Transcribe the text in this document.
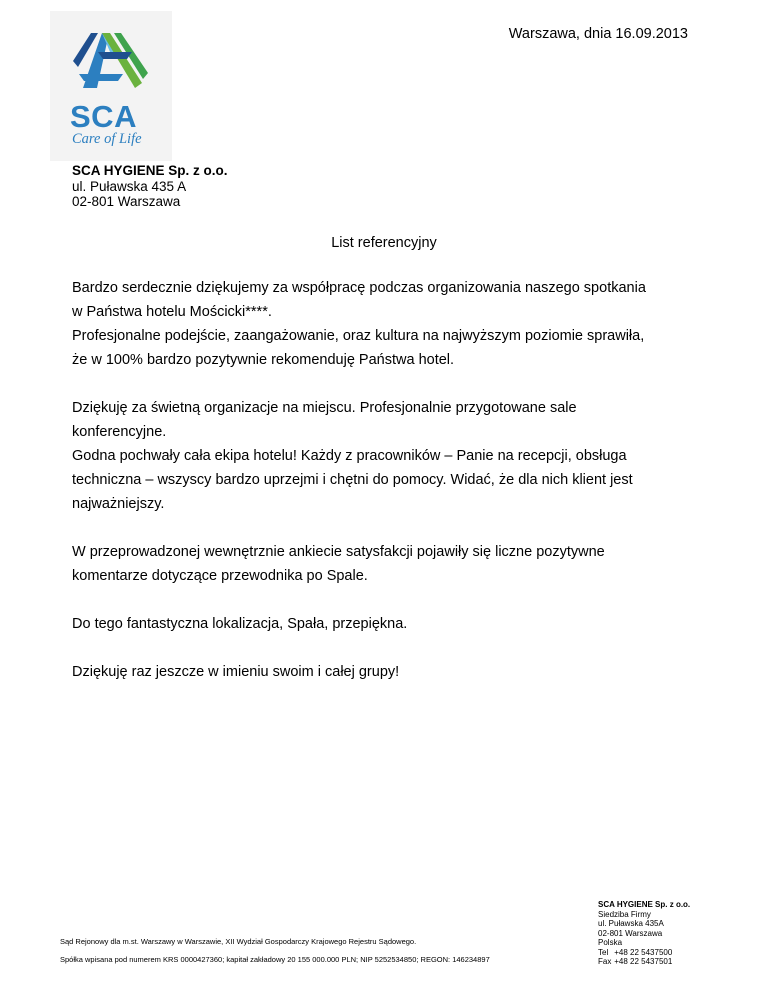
SCA
Care of Life
Warszawa, dnia 16.09.2013
SCA HYGIENE Sp. z o.o.
ul. Puławska 435 A
02-801 Warszawa
List referencyjny

Bardzo serdecznie dziękujemy za współpracę podczas organizowania naszego spotkania
w Państwa hotelu Mościcki****.
Profesjonalne podejście, zaangażowanie, oraz kultura na najwyższym poziomie sprawiła,
że w 100% bardzo pozytywnie rekomenduję Państwa hotel.

Dziękuję za świetną organizacje na miejscu. Profesjonalnie przygotowane sale
konferencyjne.
Godna pochwały cała ekipa hotelu! Każdy z pracowników – Panie na recepcji, obsługa
techniczna – wszyscy bardzo uprzejmi i chętni do pomocy. Widać, że dla nich klient jest
najważniejszy.

W przeprowadzonej wewnętrznie ankiecie satysfakcji pojawiły się liczne pozytywne
komentarze dotyczące przewodnika po Spale.

Do tego fantastyczna lokalizacja, Spała, przepiękna.

Dziękuję raz jeszcze w imieniu swoim i całej grupy!

Sąd Rejonowy dla m.st. Warszawy w Warszawie, XII Wydział Gospodarczy Krajowego Rejestru Sądowego.
Spółka wpisana pod numerem KRS 0000427360; kapitał zakładowy 20 155 000.000 PLN; NIP 5252534850; REGON: 146234897
SCA HYGIENE Sp. z o.o.
Siedziba Firmy
ul. Puławska 435A
02-801 Warszawa
Polska
Tel +48 22 5437500
Fax +48 22 5437501
